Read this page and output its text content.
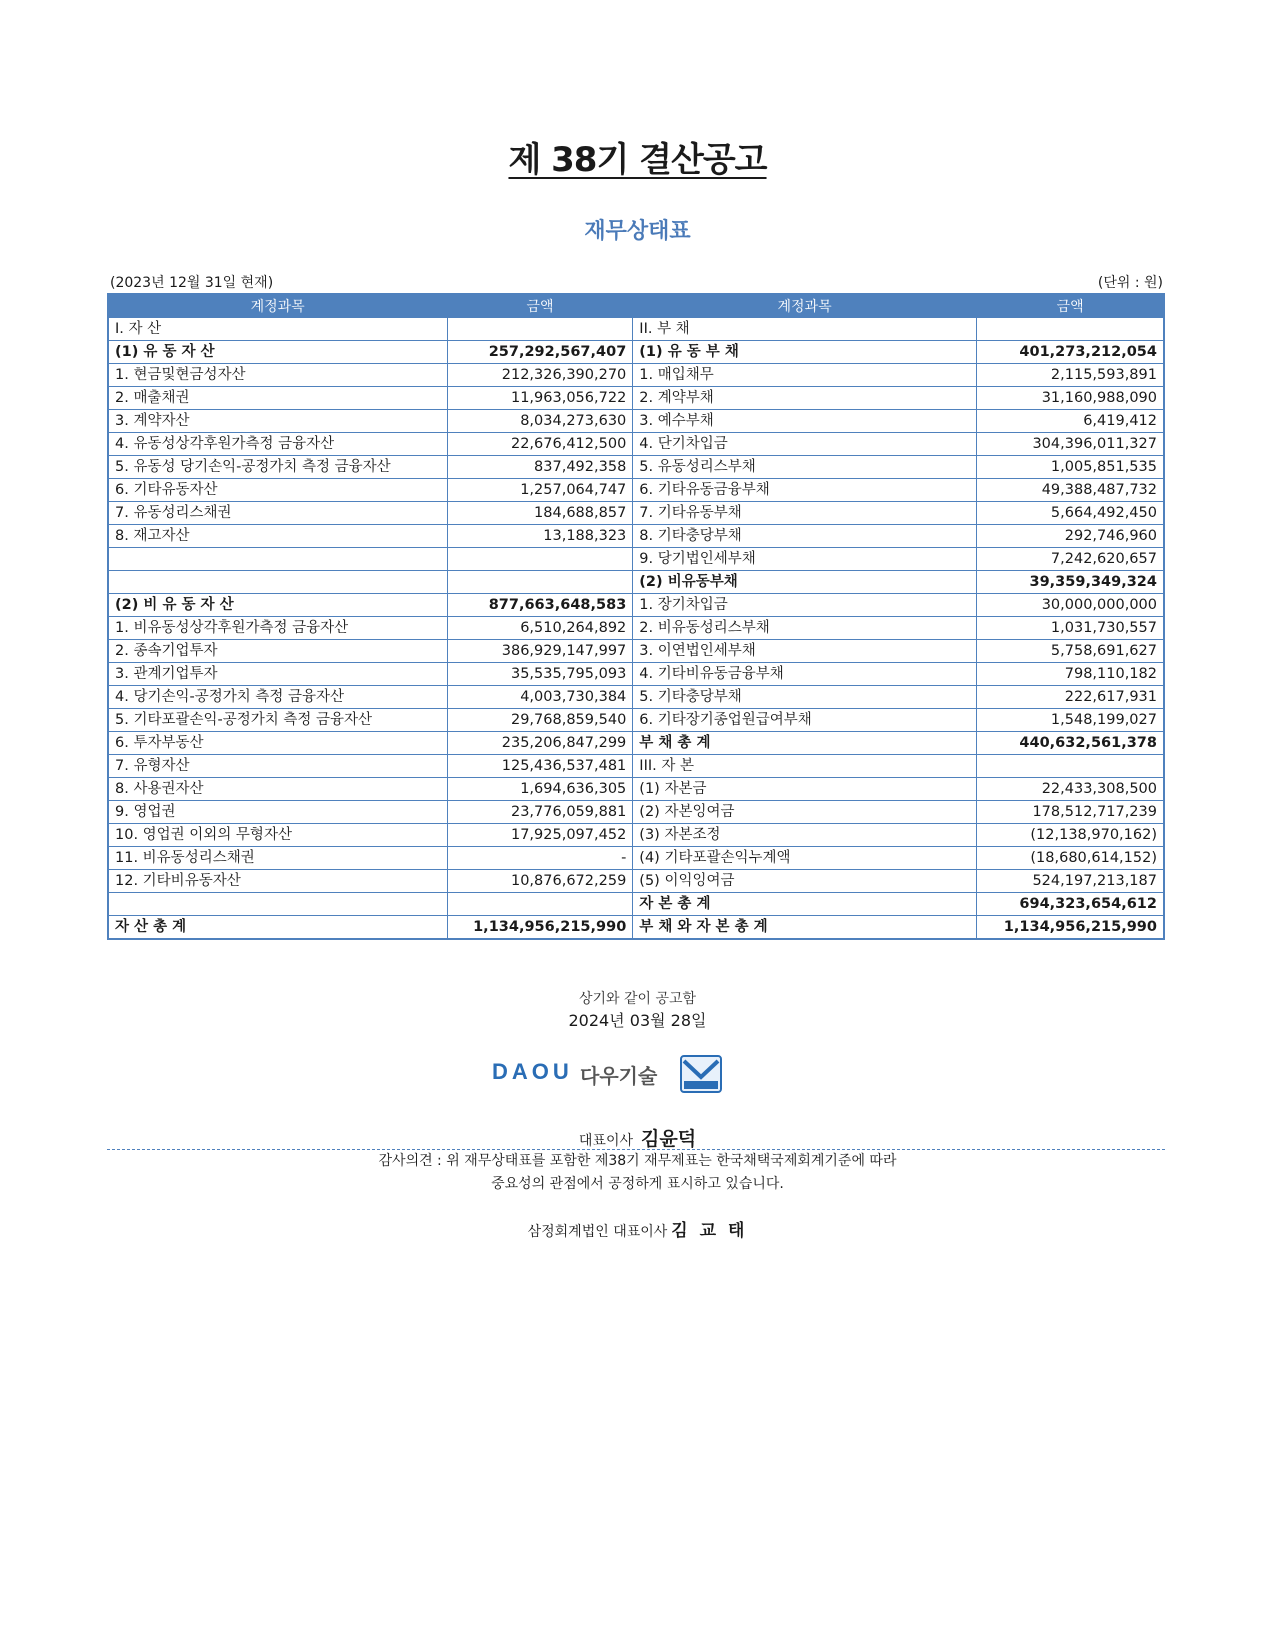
제 38기 결산공고
재무상태표
(2023년 12월 31일 현재)	(단위 : 원)
계정과목	금액	계정과목	금액
I. 자 산		II. 부 채	
(1) 유 동 자 산	257,292,567,407	(1) 유 동 부 채	401,273,212,054
1. 현금및현금성자산	212,326,390,270	1. 매입채무	2,115,593,891
2. 매출채권	11,963,056,722	2. 계약부채	31,160,988,090
3. 계약자산	8,034,273,630	3. 예수부채	6,419,412
4. 유동성상각후원가측정 금융자산	22,676,412,500	4. 단기차입금	304,396,011,327
5. 유동성 당기손익-공정가치 측정 금융자산	837,492,358	5. 유동성리스부채	1,005,851,535
6. 기타유동자산	1,257,064,747	6. 기타유동금융부채	49,388,487,732
7. 유동성리스채권	184,688,857	7. 기타유동부채	5,664,492,450
8. 재고자산	13,188,323	8. 기타충당부채	292,746,960
		9. 당기법인세부채	7,242,620,657
		(2) 비유동부채	39,359,349,324
(2) 비 유 동 자 산	877,663,648,583	1. 장기차입금	30,000,000,000
1. 비유동성상각후원가측정 금융자산	6,510,264,892	2. 비유동성리스부채	1,031,730,557
2. 종속기업투자	386,929,147,997	3. 이연법인세부채	5,758,691,627
3. 관계기업투자	35,535,795,093	4. 기타비유동금융부채	798,110,182
4. 당기손익-공정가치 측정 금융자산	4,003,730,384	5. 기타충당부채	222,617,931
5. 기타포괄손익-공정가치 측정 금융자산	29,768,859,540	6. 기타장기종업원급여부채	1,548,199,027
6. 투자부동산	235,206,847,299	부 채 총 계	440,632,561,378
7. 유형자산	125,436,537,481	III. 자 본	
8. 사용권자산	1,694,636,305	(1) 자본금	22,433,308,500
9. 영업권	23,776,059,881	(2) 자본잉여금	178,512,717,239
10. 영업권 이외의 무형자산	17,925,097,452	(3) 자본조정	(12,138,970,162)
11. 비유동성리스채권	-	(4) 기타포괄손익누계액	(18,680,614,152)
12. 기타비유동자산	10,876,672,259	(5) 이익잉여금	524,197,213,187
		자 본 총 계	694,323,654,612
자 산 총 계	1,134,956,215,990	부 채 와 자 본 총 계	1,134,956,215,990
상기와 같이 공고함
2024년 03월 28일
DAOU 다우기술
대표이사 김윤덕
감사의견 : 위 재무상태표를 포함한 제38기 재무제표는 한국채택국제회계기준에 따라
중요성의 관점에서 공정하게 표시하고 있습니다.
삼정회계법인 대표이사 김 교 태
